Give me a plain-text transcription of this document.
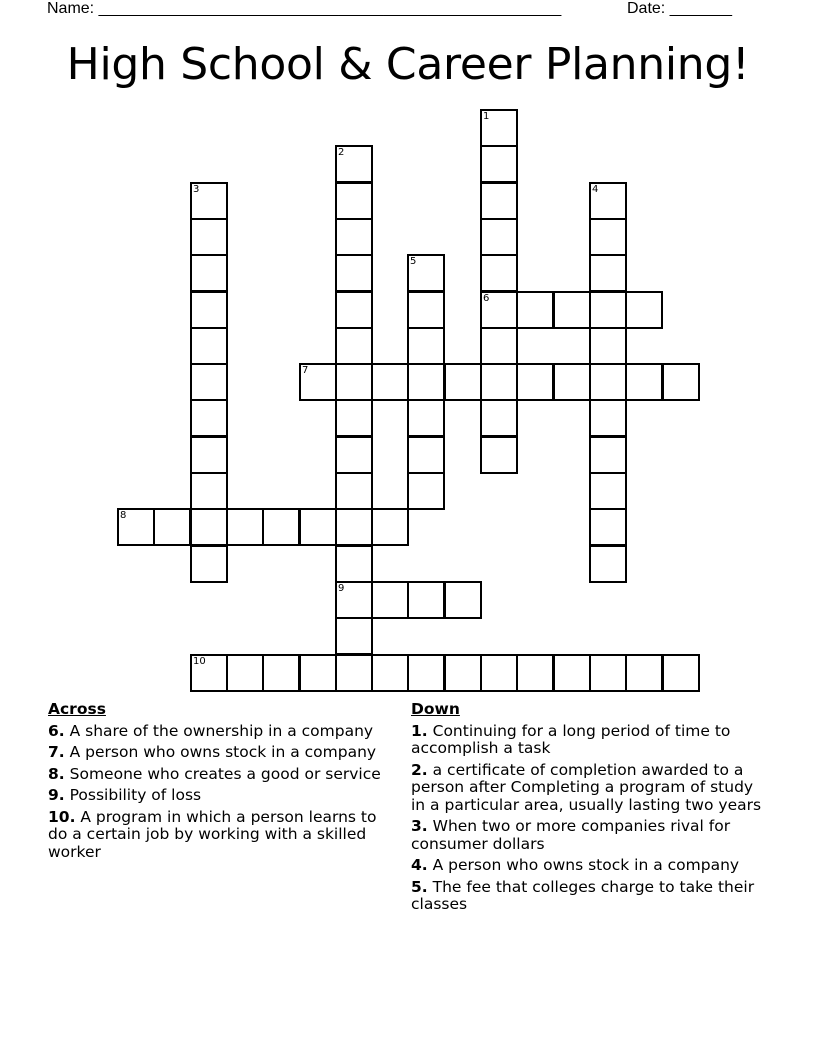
Name: ____________________________________________________	Date: _______
High School & Career Planning!
1
6
2
9
3	4
5
7
8
10
Across
6. A share of the ownership in a company
7. A person who owns stock in a company
8. Someone who creates a good or service
9. Possibility of loss
10. A program in which a person learns to do a certain job by working with a skilled worker
Down
1. Continuing for a long period of time to accomplish a task
2. a certificate of completion awarded to a person after Completing a program of study in a particular area, usually lasting two years
3. When two or more companies rival for consumer dollars
4. A person who owns stock in a company
5. The fee that colleges charge to take their classes
